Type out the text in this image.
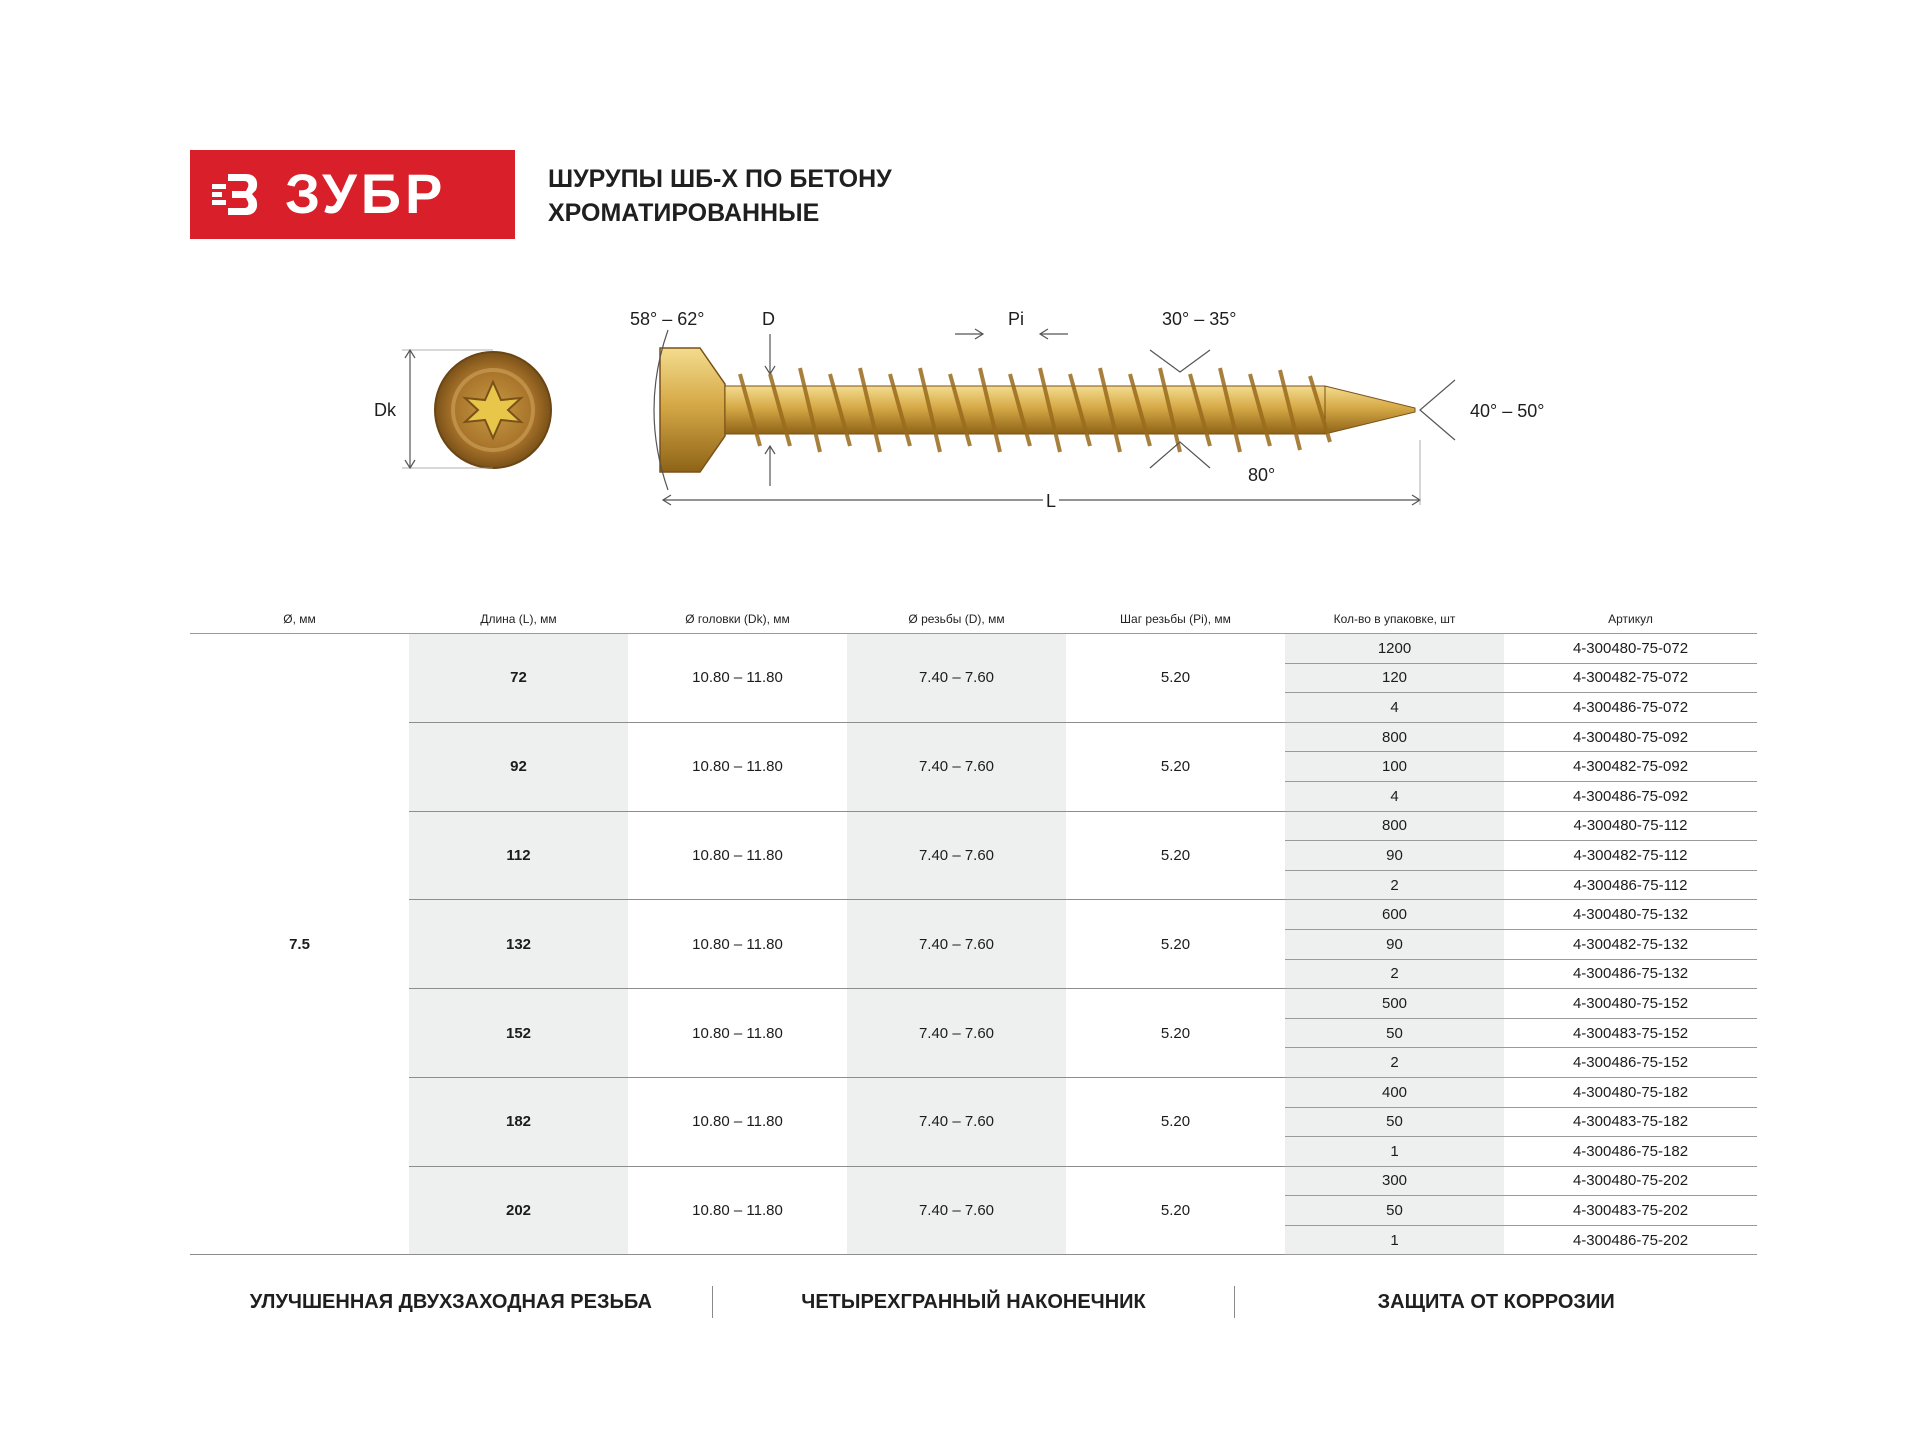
ЗУБР	ШУРУПЫ ШБ-Х ПО БЕТОНУ
ХРОМАТИРОВАННЫЕ
Dk
58° – 62°	D	Pi	30° – 35°
40° – 50°
80°
L
Ø, мм	Длина (L), мм	Ø головки (Dk), мм	Ø резьбы (D), мм	Шаг резьбы (Pi), мм	Кол-во в упаковке, шт	Артикул
7.5	72	10.80 – 11.80	7.40 – 7.60	5.20	1200	4-300480-75-072
					120	4-300482-75-072
					4	4-300486-75-072
	92	10.80 – 11.80	7.40 – 7.60	5.20	800	4-300480-75-092
					100	4-300482-75-092
					4	4-300486-75-092
	112	10.80 – 11.80	7.40 – 7.60	5.20	800	4-300480-75-112
					90	4-300482-75-112
					2	4-300486-75-112
	132	10.80 – 11.80	7.40 – 7.60	5.20	600	4-300480-75-132
					90	4-300482-75-132
					2	4-300486-75-132
	152	10.80 – 11.80	7.40 – 7.60	5.20	500	4-300480-75-152
					50	4-300483-75-152
					2	4-300486-75-152
	182	10.80 – 11.80	7.40 – 7.60	5.20	400	4-300480-75-182
					50	4-300483-75-182
					1	4-300486-75-182
	202	10.80 – 11.80	7.40 – 7.60	5.20	300	4-300480-75-202
					50	4-300483-75-202
					1	4-300486-75-202
УЛУЧШЕННАЯ ДВУХЗАХОДНАЯ РЕЗЬБА	ЧЕТЫРЕХГРАННЫЙ НАКОНЕЧНИК	ЗАЩИТА ОТ КОРРОЗИИ
